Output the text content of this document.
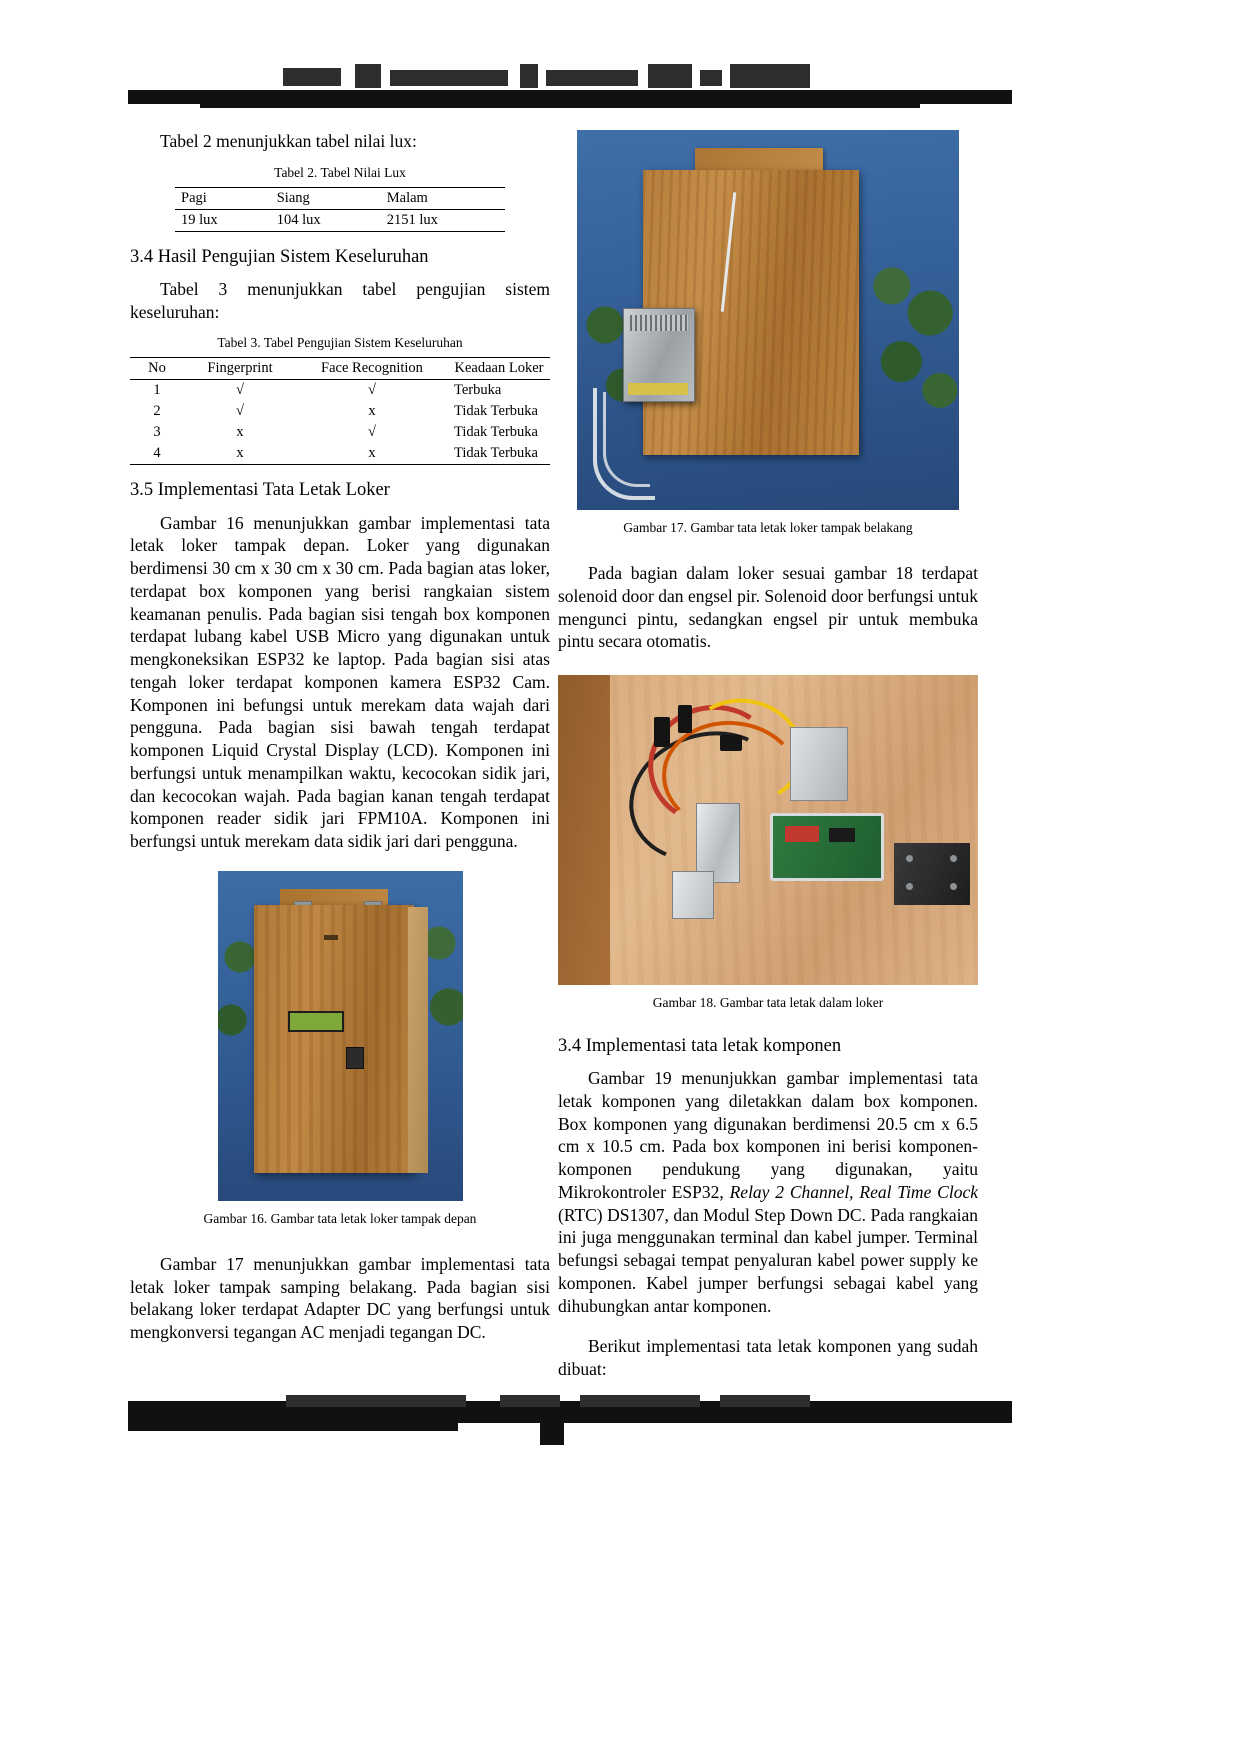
Tabel 2 menunjukkan tabel nilai lux:

Tabel 2. Tabel Nilai Lux
Pagi	Siang	Malam
19 lux	104 lux	2151 lux
3.4 Hasil Pengujian Sistem Keseluruhan

Tabel 3 menunjukkan tabel pengujian sistem keseluruhan:

Tabel 3. Tabel Pengujian Sistem Keseluruhan
No	Fingerprint	Face Recognition	Keadaan Loker
1	√	√	Terbuka
2	√	x	Tidak Terbuka
3	x	√	Tidak Terbuka
4	x	x	Tidak Terbuka
3.5 Implementasi Tata Letak Loker

Gambar 16 menunjukkan gambar implementasi tata letak loker tampak depan. Loker yang digunakan berdimensi 30 cm x 30 cm x 30 cm. Pada bagian atas loker, terdapat box komponen yang berisi rangkaian sistem keamanan penulis. Pada bagian sisi tengah box komponen terdapat lubang kabel USB Micro yang digunakan untuk mengkoneksikan ESP32 ke laptop. Pada bagian sisi atas tengah loker terdapat komponen kamera ESP32 Cam. Komponen ini befungsi untuk merekam data wajah dari pengguna. Pada bagian sisi bawah tengah terdapat komponen Liquid Crystal Display (LCD). Komponen ini berfungsi untuk menampilkan waktu, kecocokan sidik jari, dan kecocokan wajah. Pada bagian kanan tengah terdapat komponen reader sidik jari FPM10A. Komponen ini berfungsi untuk merekam data sidik jari dari pengguna.

Gambar 16. Gambar tata letak loker tampak depan

Gambar 17 menunjukkan gambar implementasi tata letak loker tampak samping belakang. Pada bagian sisi belakang loker terdapat Adapter DC yang berfungsi untuk mengkonversi tegangan AC menjadi tegangan DC.

Gambar 17. Gambar tata letak loker tampak belakang

Pada bagian dalam loker sesuai gambar 18 terdapat solenoid door dan engsel pir. Solenoid door berfungsi untuk mengunci pintu, sedangkan engsel pir untuk membuka pintu secara otomatis.

Gambar 18. Gambar tata letak dalam loker
3.4 Implementasi tata letak komponen

Gambar 19 menunjukkan gambar implementasi tata letak komponen yang diletakkan dalam box komponen. Box komponen yang digunakan berdimensi 20.5 cm x 6.5 cm x 10.5 cm. Pada box komponen ini berisi komponen-komponen pendukung yang digunakan, yaitu Mikrokontroler ESP32, Relay 2 Channel, Real Time Clock (RTC) DS1307, dan Modul Step Down DC. Pada rangkaian ini juga menggunakan terminal dan kabel jumper. Terminal befungsi sebagai tempat penyaluran kabel power supply ke komponen. Kabel jumper berfungsi sebagai kabel yang dihubungkan antar komponen.

Berikut implementasi tata letak komponen yang sudah dibuat:
